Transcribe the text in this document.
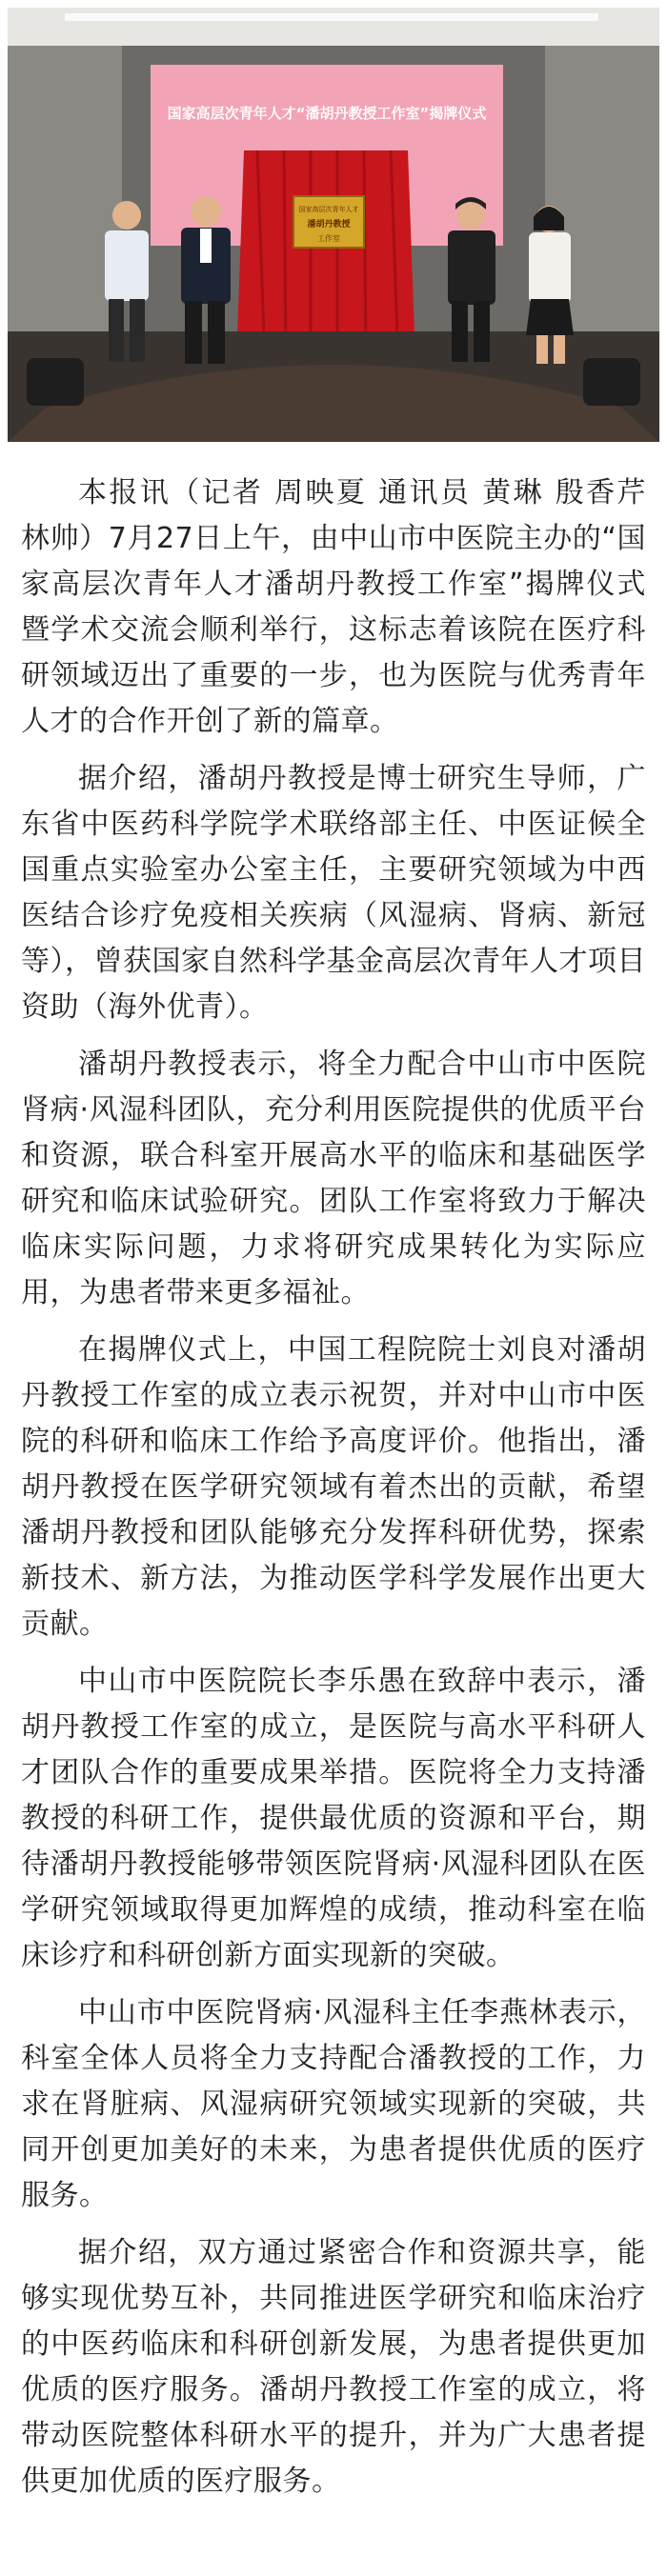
国家高层次青年人才“潘胡丹教授工作室”揭牌仪式
国家高层次青年人才
潘胡丹教授
工作室

本报讯（记者 周映夏 通讯员 黄琳 殷香芹 林帅）7月27日上午，由中山市中医院主办的“国家高层次青年人才潘胡丹教授工作室”揭牌仪式暨学术交流会顺利举行，这标志着该院在医疗科研领域迈出了重要的一步，也为医院与优秀青年人才的合作开创了新的篇章。

据介绍，潘胡丹教授是博士研究生导师，广东省中医药科学院学术联络部主任、中医证候全国重点实验室办公室主任，主要研究领域为中西医结合诊疗免疫相关疾病（风湿病、肾病、新冠等），曾获国家自然科学基金高层次青年人才项目资助（海外优青）。

潘胡丹教授表示，将全力配合中山市中医院肾病·风湿科团队，充分利用医院提供的优质平台和资源，联合科室开展高水平的临床和基础医学研究和临床试验研究。团队工作室将致力于解决临床实际问题，力求将研究成果转化为实际应用，为患者带来更多福祉。

在揭牌仪式上，中国工程院院士刘良对潘胡丹教授工作室的成立表示祝贺，并对中山市中医院的科研和临床工作给予高度评价。他指出，潘胡丹教授在医学研究领域有着杰出的贡献，希望潘胡丹教授和团队能够充分发挥科研优势，探索新技术、新方法，为推动医学科学发展作出更大贡献。

中山市中医院院长李乐愚在致辞中表示，潘胡丹教授工作室的成立，是医院与高水平科研人才团队合作的重要成果举措。医院将全力支持潘教授的科研工作，提供最优质的资源和平台，期待潘胡丹教授能够带领医院肾病·风湿科团队在医学研究领域取得更加辉煌的成绩，推动科室在临床诊疗和科研创新方面实现新的突破。

中山市中医院肾病·风湿科主任李燕林表示，科室全体人员将全力支持配合潘教授的工作，力求在肾脏病、风湿病研究领域实现新的突破，共同开创更加美好的未来，为患者提供优质的医疗服务。

据介绍，双方通过紧密合作和资源共享，能够实现优势互补，共同推进医学研究和临床治疗的中医药临床和科研创新发展，为患者提供更加优质的医疗服务。潘胡丹教授工作室的成立，将带动医院整体科研水平的提升，并为广大患者提供更加优质的医疗服务。
